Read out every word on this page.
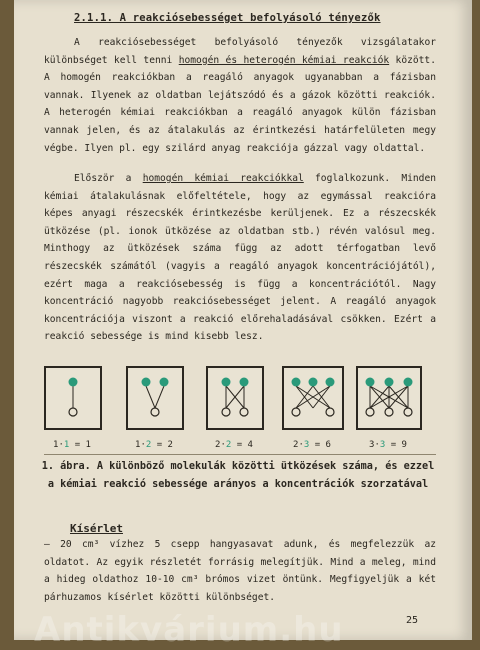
2.1.1. A reakciósebességet befolyásoló tényezők
A reakciósebességet befolyásoló tényezők vizsgálatakor különbséget kell tenni homogén és heterogén kémiai reakciók között. A homogén reakciókban a reagáló anyagok ugyanabban a fázisban vannak. Ilyenek az oldatban lejátszódó és a gázok közötti reakciók. A heterogén kémiai reakciókban a reagáló anyagok külön fázisban vannak jelen, és az átalakulás az érintkezési határfelületen megy végbe. Ilyen pl. egy szilárd anyag reakciója gázzal vagy oldattal.
Először a homogén kémiai reakciókkal foglalkozunk. Minden kémiai átalakulásnak előfeltétele, hogy az egymással reakcióra képes anyagi részecskék érintkezésbe kerüljenek. Ez a részecskék ütközése (pl. ionok ütközése az oldatban stb.) révén valósul meg. Minthogy az ütközések száma függ az adott térfogatban levő részecskék számától (vagyis a reagáló anyagok koncentrációjától), ezért maga a reakciósebesség is függ a koncentrációtól. Nagy koncentráció nagyobb reakciósebességet jelent. A reagáló anyagok koncentrációja viszont a reakció előrehaladásával csökken. Ezért a reakció sebessége is mind kisebb lesz.
1·1 = 1	1·2 = 2	2·2 = 4	2·3 = 6	3·3 = 9
1. ábra. A különböző molekulák közötti ütközések száma, és ezzel a kémiai reakció sebessége arányos a koncentrációk szorzatával
Kísérlet
– 20 cm³ vízhez 5 csepp hangyasavat adunk, és megfelezzük az oldatot. Az egyik részletét forrásig melegítjük. Mind a meleg, mind a hideg oldathoz 10-10 cm³ brómos vizet öntünk. Megfigyeljük a két párhuzamos kísérlet közötti különbséget.
25
Antikvárium.hu
